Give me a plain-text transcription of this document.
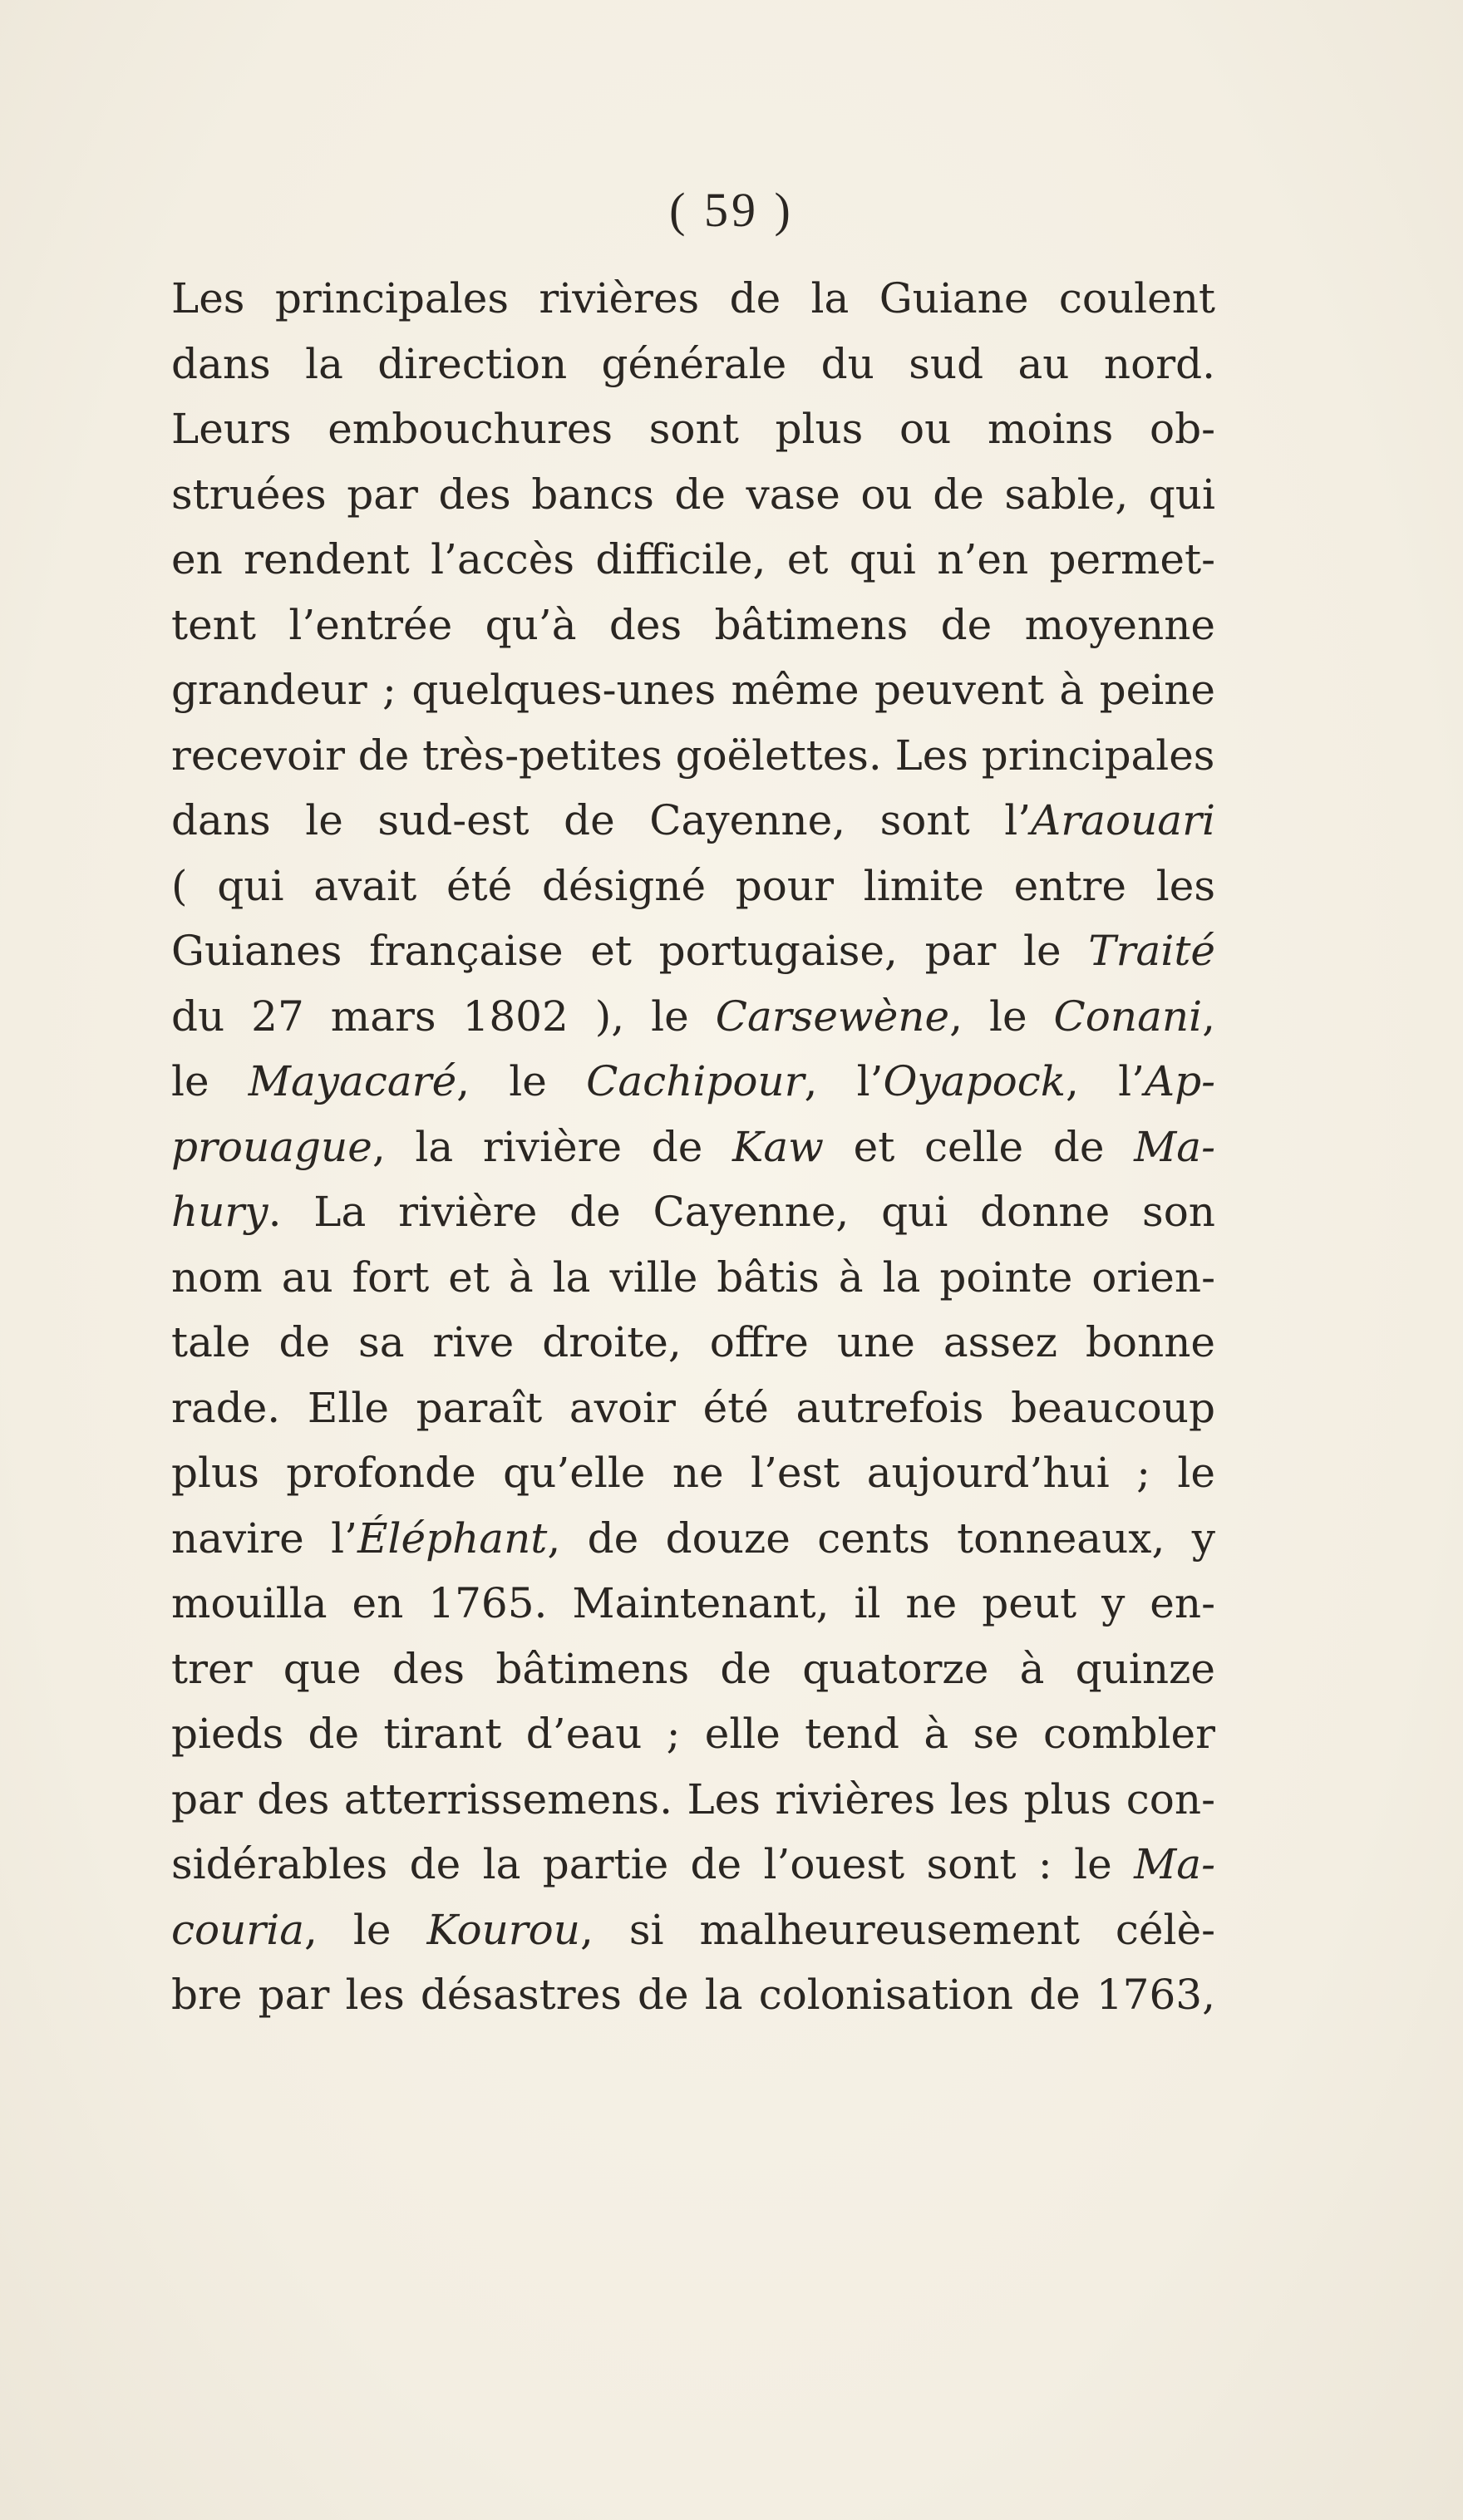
( 59 )
Les principales rivières de la Guiane coulent
dans la direction générale du sud au nord.
Leurs embouchures sont plus ou moins ob-
struées par des bancs de vase ou de sable, qui
en rendent l’accès difficile, et qui n’en permet-
tent l’entrée qu’à des bâtimens de moyenne
grandeur ; quelques-unes même peuvent à peine
recevoir de très-petites goëlettes. Les principales
dans le sud-est de Cayenne, sont l’Araouari
( qui avait été désigné pour limite entre les
Guianes française et portugaise, par le Traité
du 27 mars 1802 ), le Carsewène, le Conani,
le Mayacaré, le Cachipour, l’Oyapock, l’Ap-
prouague, la rivière de Kaw et celle de Ma-
hury. La rivière de Cayenne, qui donne son
nom au fort et à la ville bâtis à la pointe orien-
tale de sa rive droite, offre une assez bonne
rade. Elle paraît avoir été autrefois beaucoup
plus profonde qu’elle ne l’est aujourd’hui ; le
navire l’Éléphant, de douze cents tonneaux, y
mouilla en 1765. Maintenant, il ne peut y en-
trer que des bâtimens de quatorze à quinze
pieds de tirant d’eau ; elle tend à se combler
par des atterrissemens. Les rivières les plus con-
sidérables de la partie de l’ouest sont : le Ma-
couria, le Kourou, si malheureusement célè-
bre par les désastres de la colonisation de 1763,
